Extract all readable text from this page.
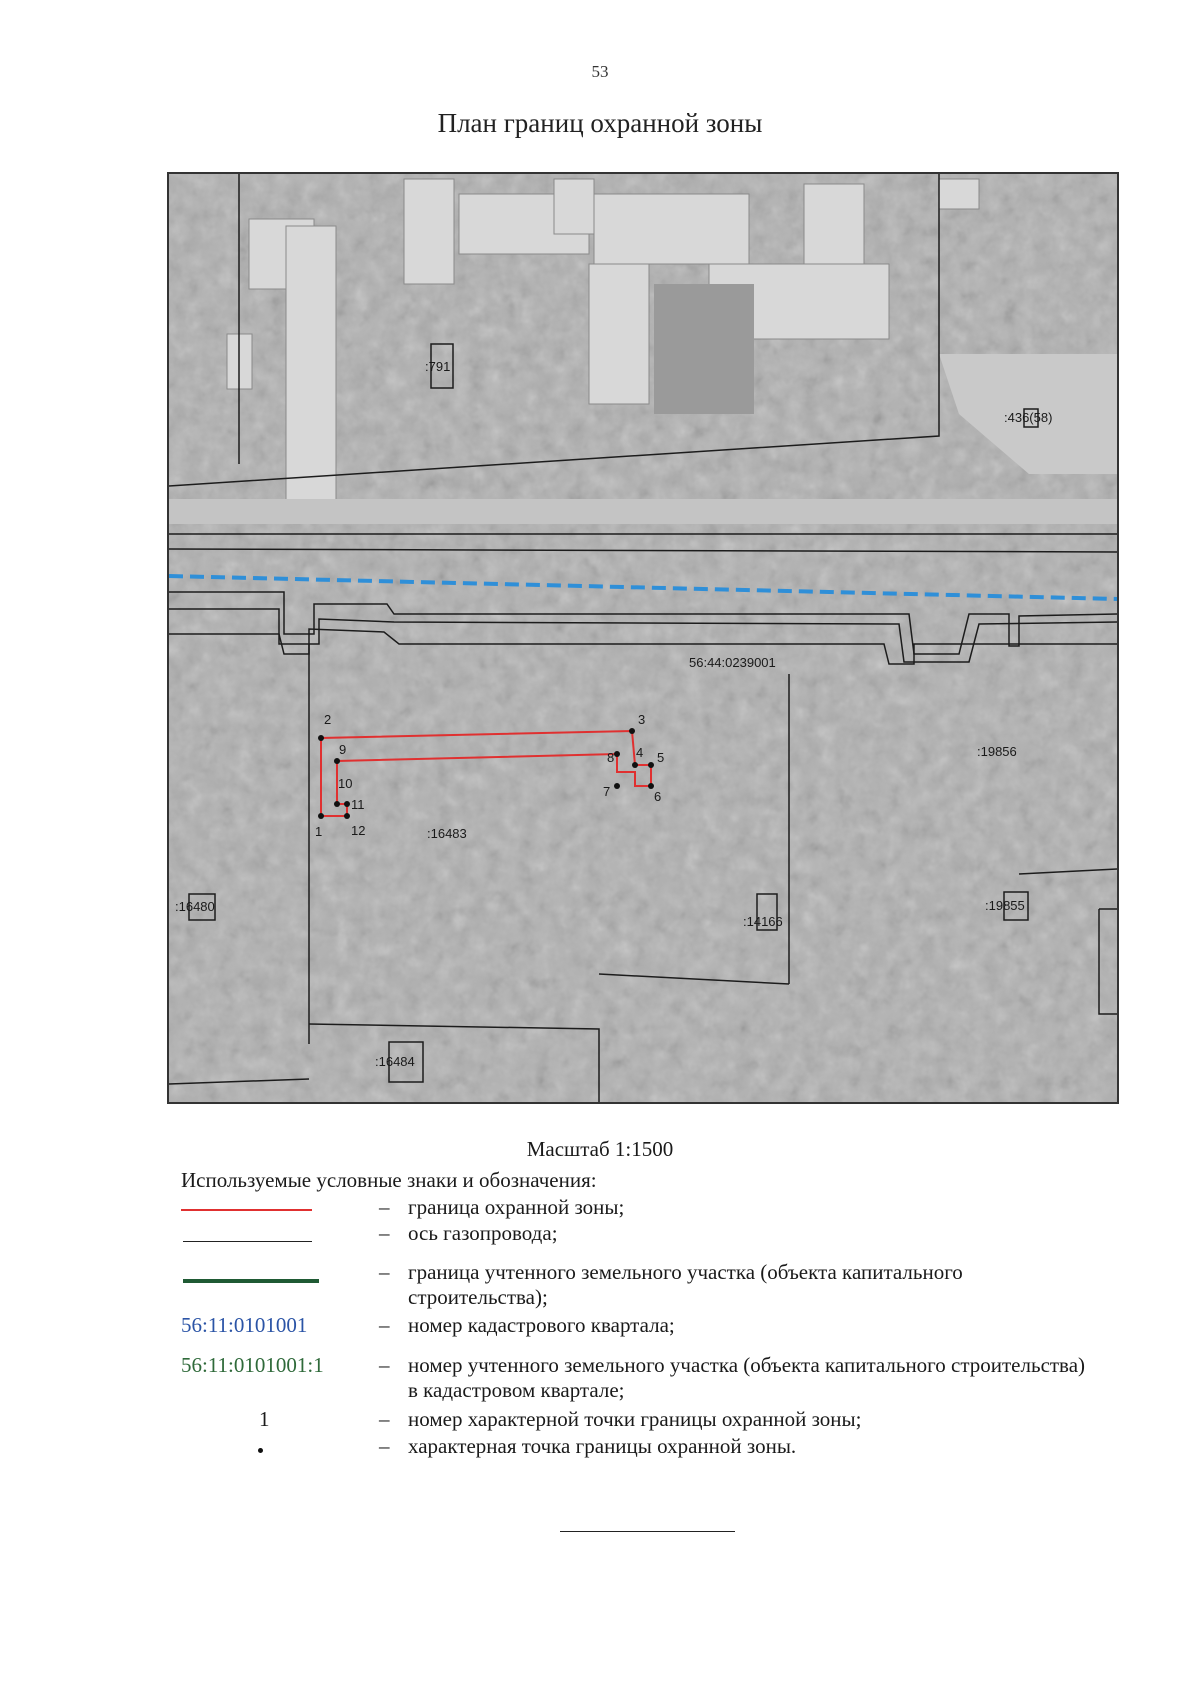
53
План границ охранной зоны
1
2	3
4 5
6
7
8
9
10
11
12
56:44:0239001
:791
:436(58)
:19856
:16483
:16480
:14166
:19855
:16484
Масштаб 1:1500
Используемые условные знаки и обозначения:
– граница охранной зоны;
– ось газопровода;
– граница учтенного земельного участка (объекта капитального строительства);
56:11:0101001	– номер кадастрового квартала;
56:11:0101001:1	– номер учтенного земельного участка (объекта капитального строительства) в кадастровом квартале;
1	– номер характерной точки границы охранной зоны;
– характерная точка границы охранной зоны.
